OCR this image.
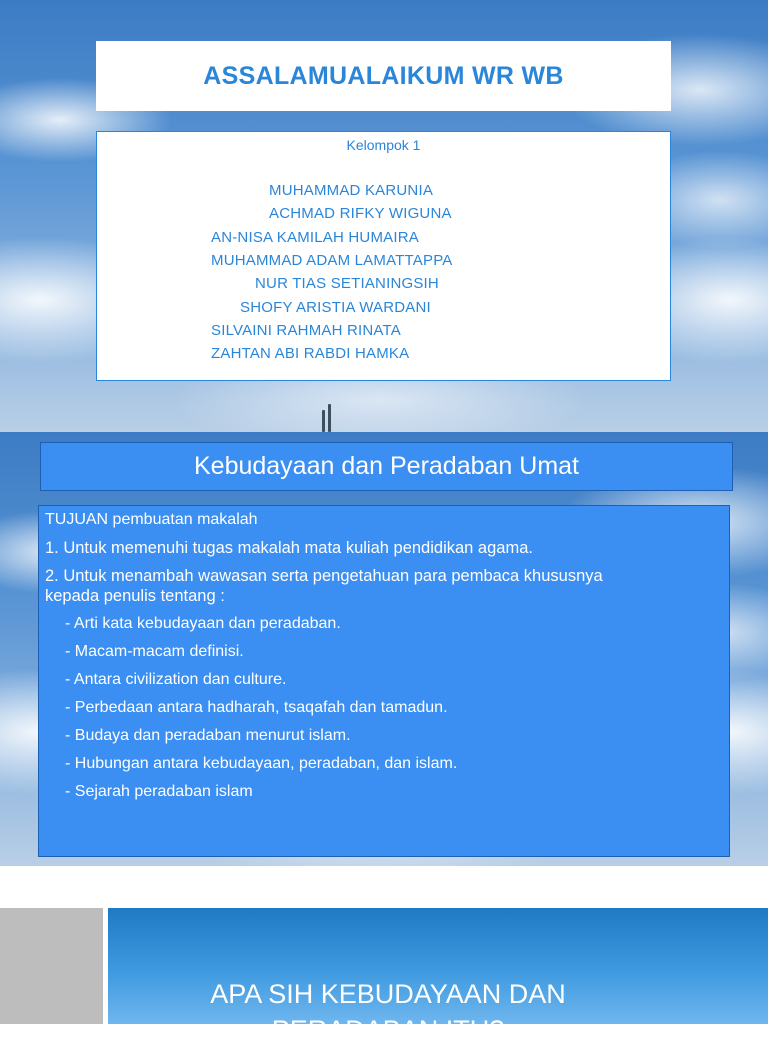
ASSALAMUALAIKUM WR WB
Kelompok 1
MUHAMMAD KARUNIA
ACHMAD RIFKY WIGUNA
AN-NISA KAMILAH HUMAIRA
MUHAMMAD ADAM LAMATTAPPA
NUR TIAS SETIANINGSIH
SHOFY ARISTIA WARDANI
SILVAINI RAHMAH RINATA
ZAHTAN ABI RABDI HAMKA
Kebudayaan dan Peradaban Umat

TUJUAN pembuatan makalah

1. Untuk memenuhi tugas makalah mata kuliah pendidikan agama.

2. Untuk menambah wawasan serta pengetahuan para pembaca khususnya

kepada penulis tentang :

- Arti kata kebudayaan dan peradaban.
- Macam-macam definisi.
- Antara civilization dan culture.
- Perbedaan antara hadharah, tsaqafah dan tamadun.
- Budaya dan peradaban menurut islam.
- Hubungan antara kebudayaan, peradaban, dan islam.
- Sejarah peradaban islam
APA SIH KEBUDAYAAN DAN
PERADABAN ITU?
